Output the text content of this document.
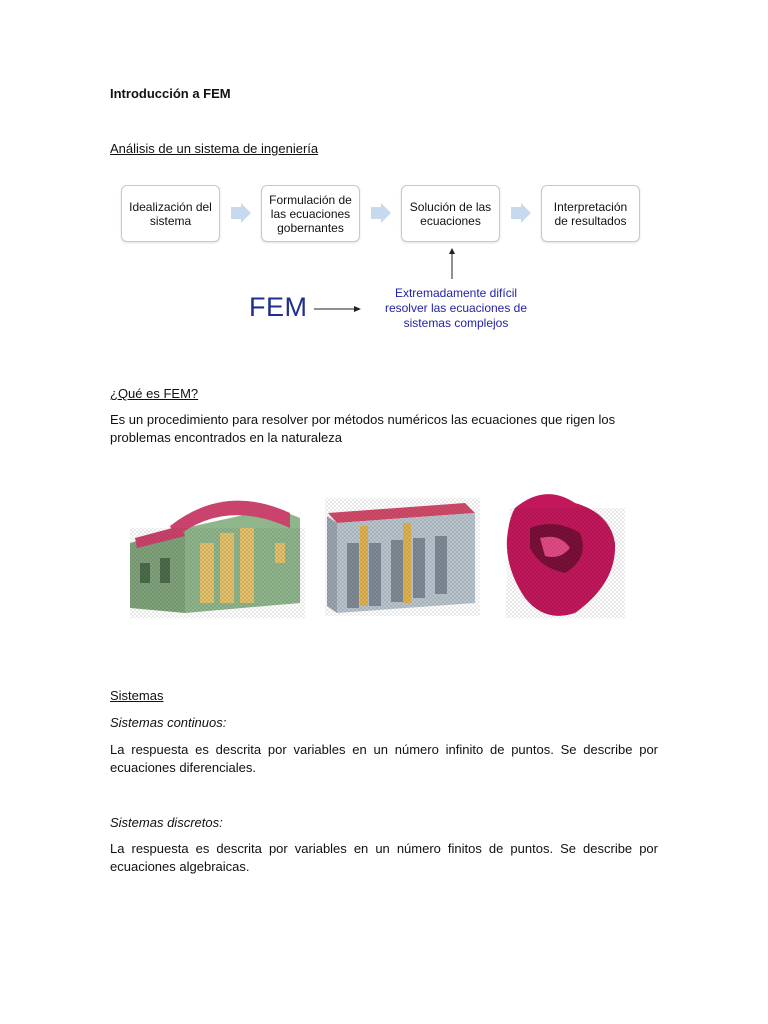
Introducción a FEM
Análisis de un sistema de ingeniería
Idealización del sistema
Formulación de las ecuaciones gobernantes
Solución de las ecuaciones
Interpretación de resultados
FEM	Extremadamente difícil resolver las ecuaciones de sistemas complejos
¿Qué es FEM?
Es un procedimiento para resolver por métodos numéricos las ecuaciones que rigen los problemas encontrados en la naturaleza
Sistemas
Sistemas continuos:
La respuesta es descrita por variables en un número infinito de puntos. Se describe por ecuaciones diferenciales.
Sistemas discretos:
La respuesta es descrita por variables en un número finitos de puntos. Se describe por ecuaciones algebraicas.
